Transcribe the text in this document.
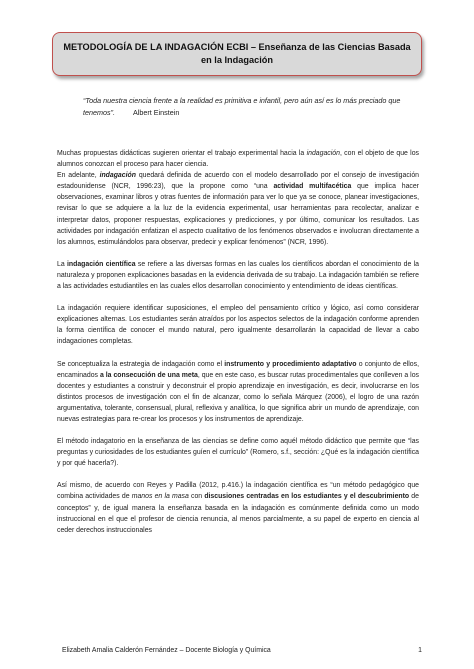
METODOLOGÍA DE LA INDAGACIÓN ECBI – Enseñanza de las Ciencias Basada en la Indagación
“Toda nuestra ciencia frente a la realidad es primitiva e infantil, pero aún así es lo más preciado que tenemos”.	Albert Einstein

Muchas propuestas didácticas sugieren orientar el trabajo experimental hacia la indagación, con el objeto de que los alumnos conozcan el proceso para hacer ciencia.

En adelante, indagación quedará definida de acuerdo con el modelo desarrollado por el consejo de investigación estadounidense (NCR, 1996:23), que la propone como “una actividad multifacética que implica hacer observaciones, examinar libros y otras fuentes de información para ver lo que ya se conoce, planear investigaciones, revisar lo que se adquiere a la luz de la evidencia experimental, usar herramientas para recolectar, analizar e interpretar datos, proponer respuestas, explicaciones y predicciones, y por último, comunicar los resultados. Las actividades por indagación enfatizan el aspecto cualitativo de los fenómenos observados e involucran directamente a los alumnos, estimulándolos para observar, predecir y explicar fenómenos” (NCR, 1996).

La indagación científica se refiere a las diversas formas en las cuales los científicos abordan el conocimiento de la naturaleza y proponen explicaciones basadas en la evidencia derivada de su trabajo. La indagación también se refiere a las actividades estudiantiles en las cuales ellos desarrollan conocimiento y entendimiento de ideas científicas.

La indagación requiere identificar suposiciones, el empleo del pensamiento crítico y lógico, así como considerar explicaciones alternas. Los estudiantes serán atraídos por los aspectos selectos de la indagación conforme aprenden la forma científica de conocer el mundo natural, pero igualmente desarrollarán la capacidad de llevar a cabo indagaciones completas.

Se conceptualiza la estrategia de indagación como el instrumento y procedimiento adaptativo o conjunto de ellos, encaminados a la consecución de una meta, que en este caso, es buscar rutas procedimentales que conlleven a los docentes y estudiantes a construir y deconstruir el propio aprendizaje en investigación, es decir, involucrarse en los distintos procesos de investigación con el fin de alcanzar, como lo señala Márquez (2006), el logro de una razón argumentativa, tolerante, consensual, plural, reflexiva y analítica, lo que significa abrir un mundo de aprendizaje, con nuevas estrategias para re-crear los procesos y los instrumentos de aprendizaje.

El método indagatorio en la enseñanza de las ciencias se define como aquél método didáctico que permite que “las preguntas y curiosidades de los estudiantes guíen el currículo” (Romero, s.f., sección: ¿Qué es la indagación científica y por qué hacerla?).

Así mismo, de acuerdo con Reyes y Padilla (2012, p.416.) la indagación científica es “un método pedagógico que combina actividades de manos en la masa con discusiones centradas en los estudiantes y el descubrimiento de conceptos” y, de igual manera la enseñanza basada en la indagación es comúnmente definida como un modo instruccional en el que el profesor de ciencia renuncia, al menos parcialmente, a su papel de experto en ciencia al ceder derechos instruccionales

Elizabeth Amalia Calderón Fernández – Docente Biología y Química	1
